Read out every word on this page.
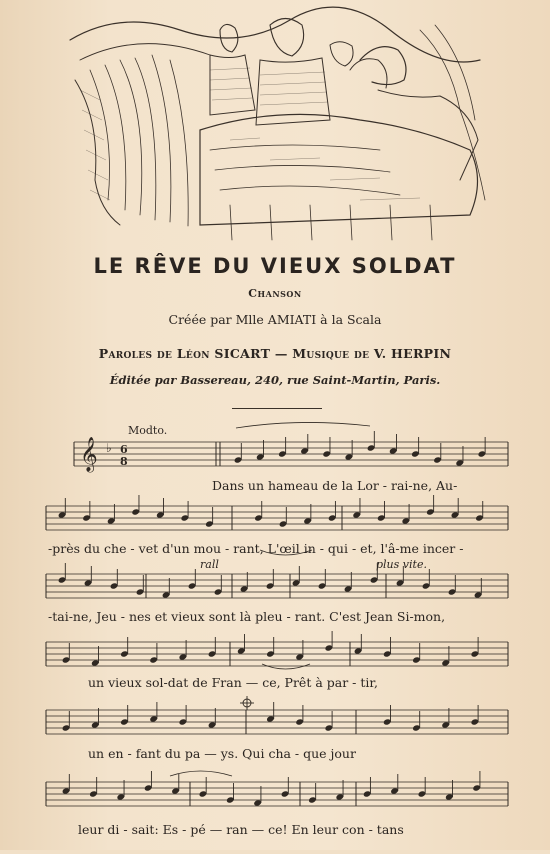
LE RÊVE DU VIEUX SOLDAT
Chanson
Créée par Mlle AMIATI à la Scala
Paroles de Léon SICART — Musique de V. HERPIN
Éditée par Bassereau, 240, rue Saint-Martin, Paris.
𝄞 ♭ 6
8
Modto.
rall	plus vite.
Dans un hameau de la Lor - rai-ne, Au-
-près du che - vet d'un mou - rant, L'œil in - qui - et, l'â-me incer -
-tai-ne, Jeu - nes et vieux sont là pleu - rant. C'est Jean Si-mon,
un vieux sol-dat de Fran — ce, Prêt à par - tir,
un en - fant du pa — ys. Qui cha - que jour
leur di - sait: Es - pé — ran — ce! En leur con - tans
